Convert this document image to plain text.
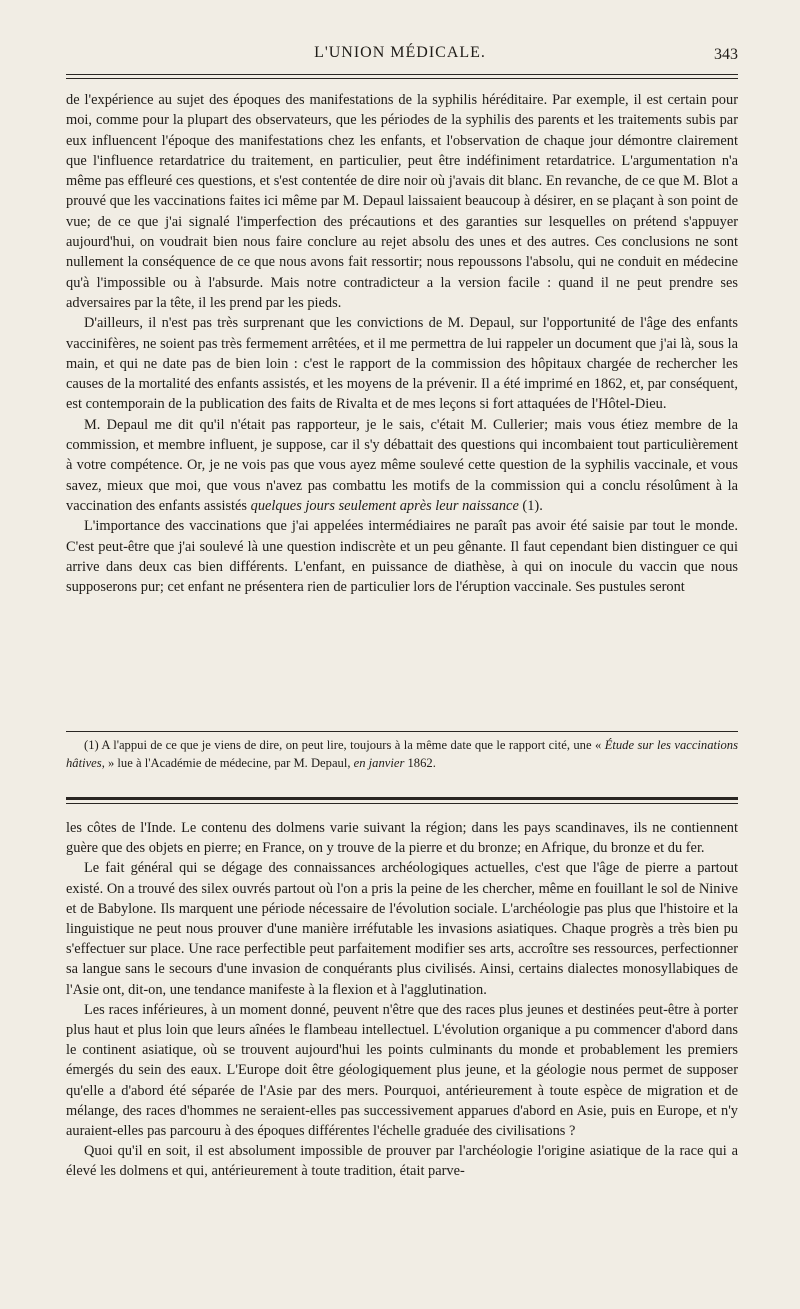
L'UNION MÉDICALE.	343

de l'expérience au sujet des époques des manifestations de la syphilis héréditaire. Par exemple, il est certain pour moi, comme pour la plupart des observateurs, que les périodes de la syphilis des parents et les traitements subis par eux influencent l'époque des manifestations chez les enfants, et l'observation de chaque jour démontre clairement que l'influence retardatrice du traitement, en particulier, peut être indéfiniment retardatrice. L'argumentation n'a même pas effleuré ces questions, et s'est contentée de dire noir où j'avais dit blanc. En revanche, de ce que M. Blot a prouvé que les vaccinations faites ici même par M. Depaul laissaient beaucoup à désirer, en se plaçant à son point de vue; de ce que j'ai signalé l'imperfection des précautions et des garanties sur lesquelles on prétend s'appuyer aujourd'hui, on voudrait bien nous faire conclure au rejet absolu des unes et des autres. Ces conclusions ne sont nullement la conséquence de ce que nous avons fait ressortir; nous repoussons l'absolu, qui ne conduit en médecine qu'à l'impossible ou à l'absurde. Mais notre contradicteur a la version facile : quand il ne peut prendre ses adversaires par la tête, il les prend par les pieds.

D'ailleurs, il n'est pas très surprenant que les convictions de M. Depaul, sur l'opportunité de l'âge des enfants vaccinifères, ne soient pas très fermement arrêtées, et il me permettra de lui rappeler un document que j'ai là, sous la main, et qui ne date pas de bien loin : c'est le rapport de la commission des hôpitaux chargée de rechercher les causes de la mortalité des enfants assistés, et les moyens de la prévenir. Il a été imprimé en 1862, et, par conséquent, est contemporain de la publication des faits de Rivalta et de mes leçons si fort attaquées de l'Hôtel-Dieu.

M. Depaul me dit qu'il n'était pas rapporteur, je le sais, c'était M. Cullerier; mais vous étiez membre de la commission, et membre influent, je suppose, car il s'y débattait des questions qui incombaient tout particulièrement à votre compétence. Or, je ne vois pas que vous ayez même soulevé cette question de la syphilis vaccinale, et vous savez, mieux que moi, que vous n'avez pas combattu les motifs de la commission qui a conclu résolûment à la vaccination des enfants assistés quelques jours seulement après leur naissance (1).

L'importance des vaccinations que j'ai appelées intermédiaires ne paraît pas avoir été saisie par tout le monde. C'est peut-être que j'ai soulevé là une question indiscrète et un peu gênante. Il faut cependant bien distinguer ce qui arrive dans deux cas bien différents. L'enfant, en puissance de diathèse, à qui on inocule du vaccin que nous supposerons pur; cet enfant ne présentera rien de particulier lors de l'éruption vaccinale. Ses pustules seront

(1) A l'appui de ce que je viens de dire, on peut lire, toujours à la même date que le rapport cité, une « Étude sur les vaccinations hâtives, » lue à l'Académie de médecine, par M. Depaul, en janvier 1862.

les côtes de l'Inde. Le contenu des dolmens varie suivant la région; dans les pays scandinaves, ils ne contiennent guère que des objets en pierre; en France, on y trouve de la pierre et du bronze; en Afrique, du bronze et du fer.

Le fait général qui se dégage des connaissances archéologiques actuelles, c'est que l'âge de pierre a partout existé. On a trouvé des silex ouvrés partout où l'on a pris la peine de les chercher, même en fouillant le sol de Ninive et de Babylone. Ils marquent une période nécessaire de l'évolution sociale. L'archéologie pas plus que l'histoire et la linguistique ne peut nous prouver d'une manière irréfutable les invasions asiatiques. Chaque progrès a très bien pu s'effectuer sur place. Une race perfectible peut parfaitement modifier ses arts, accroître ses ressources, perfectionner sa langue sans le secours d'une invasion de conquérants plus civilisés. Ainsi, certains dialectes monosyllabiques de l'Asie ont, dit-on, une tendance manifeste à la flexion et à l'agglutination.

Les races inférieures, à un moment donné, peuvent n'être que des races plus jeunes et destinées peut-être à porter plus haut et plus loin que leurs aînées le flambeau intellectuel. L'évolution organique a pu commencer d'abord dans le continent asiatique, où se trouvent aujourd'hui les points culminants du monde et probablement les premiers émergés du sein des eaux. L'Europe doit être géologiquement plus jeune, et la géologie nous permet de supposer qu'elle a d'abord été séparée de l'Asie par des mers. Pourquoi, antérieurement à toute espèce de migration et de mélange, des races d'hommes ne seraient-elles pas successivement apparues d'abord en Asie, puis en Europe, et n'y auraient-elles pas parcouru à des époques différentes l'échelle graduée des civilisations ?

Quoi qu'il en soit, il est absolument impossible de prouver par l'archéologie l'origine asiatique de la race qui a élevé les dolmens et qui, antérieurement à toute tradition, était parve-
